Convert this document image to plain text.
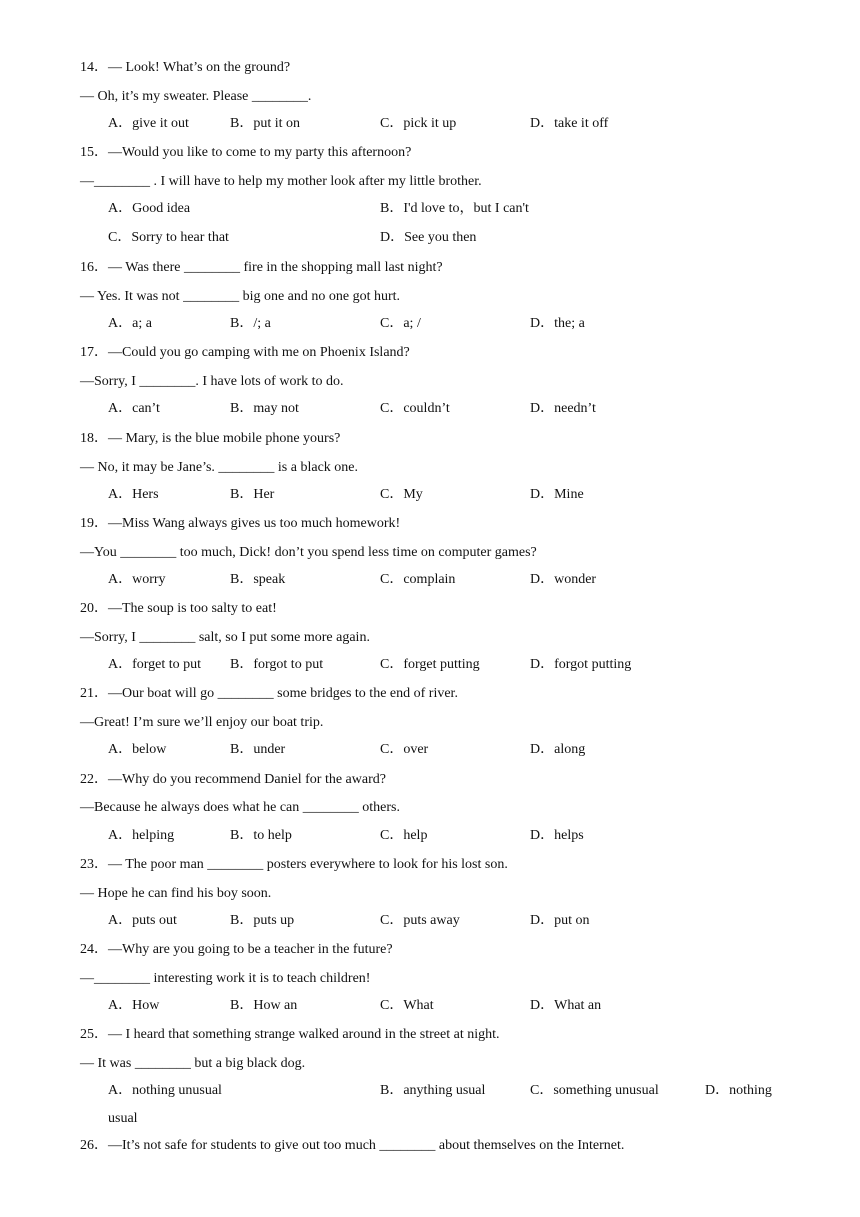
14．— Look! What’s on the ground?
— Oh, it’s my sweater. Please ________.
A．give it out	B．put it on	C．pick it up	D．take it off
15．—Would you like to come to my party this afternoon?
—________ . I will have to help my mother look after my little brother.
A．Good idea	B．I'd love to，but I can't
C．Sorry to hear that	D．See you then
16．— Was there ________ fire in the shopping mall last night?
— Yes. It was not ________ big one and no one got hurt.
A．a; a	B．/; a	C．a; /	D．the; a
17．—Could you go camping with me on Phoenix Island?
—Sorry, I ________. I have lots of work to do.
A．can’t	B．may not	C．couldn’t	D．needn’t
18．— Mary, is the blue mobile phone yours?
— No, it may be Jane’s. ________ is a black one.
A．Hers	B．Her	C．My	D．Mine
19．—Miss Wang always gives us too much homework!
—You ________ too much, Dick! don’t you spend less time on computer games?
A．worry	B．speak	C．complain	D．wonder
20．—The soup is too salty to eat!
—Sorry, I ________ salt, so I put some more again.
A．forget to put B．forgot to put	C．forget putting	D．forgot putting
21．—Our boat will go ________ some bridges to the end of river.
—Great! I’m sure we’ll enjoy our boat trip.
A．below	B．under	C．over	D．along
22．—Why do you recommend Daniel for the award?
—Because he always does what he can ________ others.
A．helping	B．to help	C．help	D．helps
23．— The poor man ________ posters everywhere to look for his lost son.
— Hope he can find his boy soon.
A．puts out	B．puts up	C．puts away	D．put on
24．—Why are you going to be a teacher in the future?
—________ interesting work it is to teach children!
A．How	B．How an	C．What	D．What an
25．— I heard that something strange walked around in the street at night.
— It was ________ but a big black dog.
A．nothing unusual	B．anything usual	C．something unusual	D．nothing
usual
26．—It’s not safe for students to give out too much ________ about themselves on the Internet.
